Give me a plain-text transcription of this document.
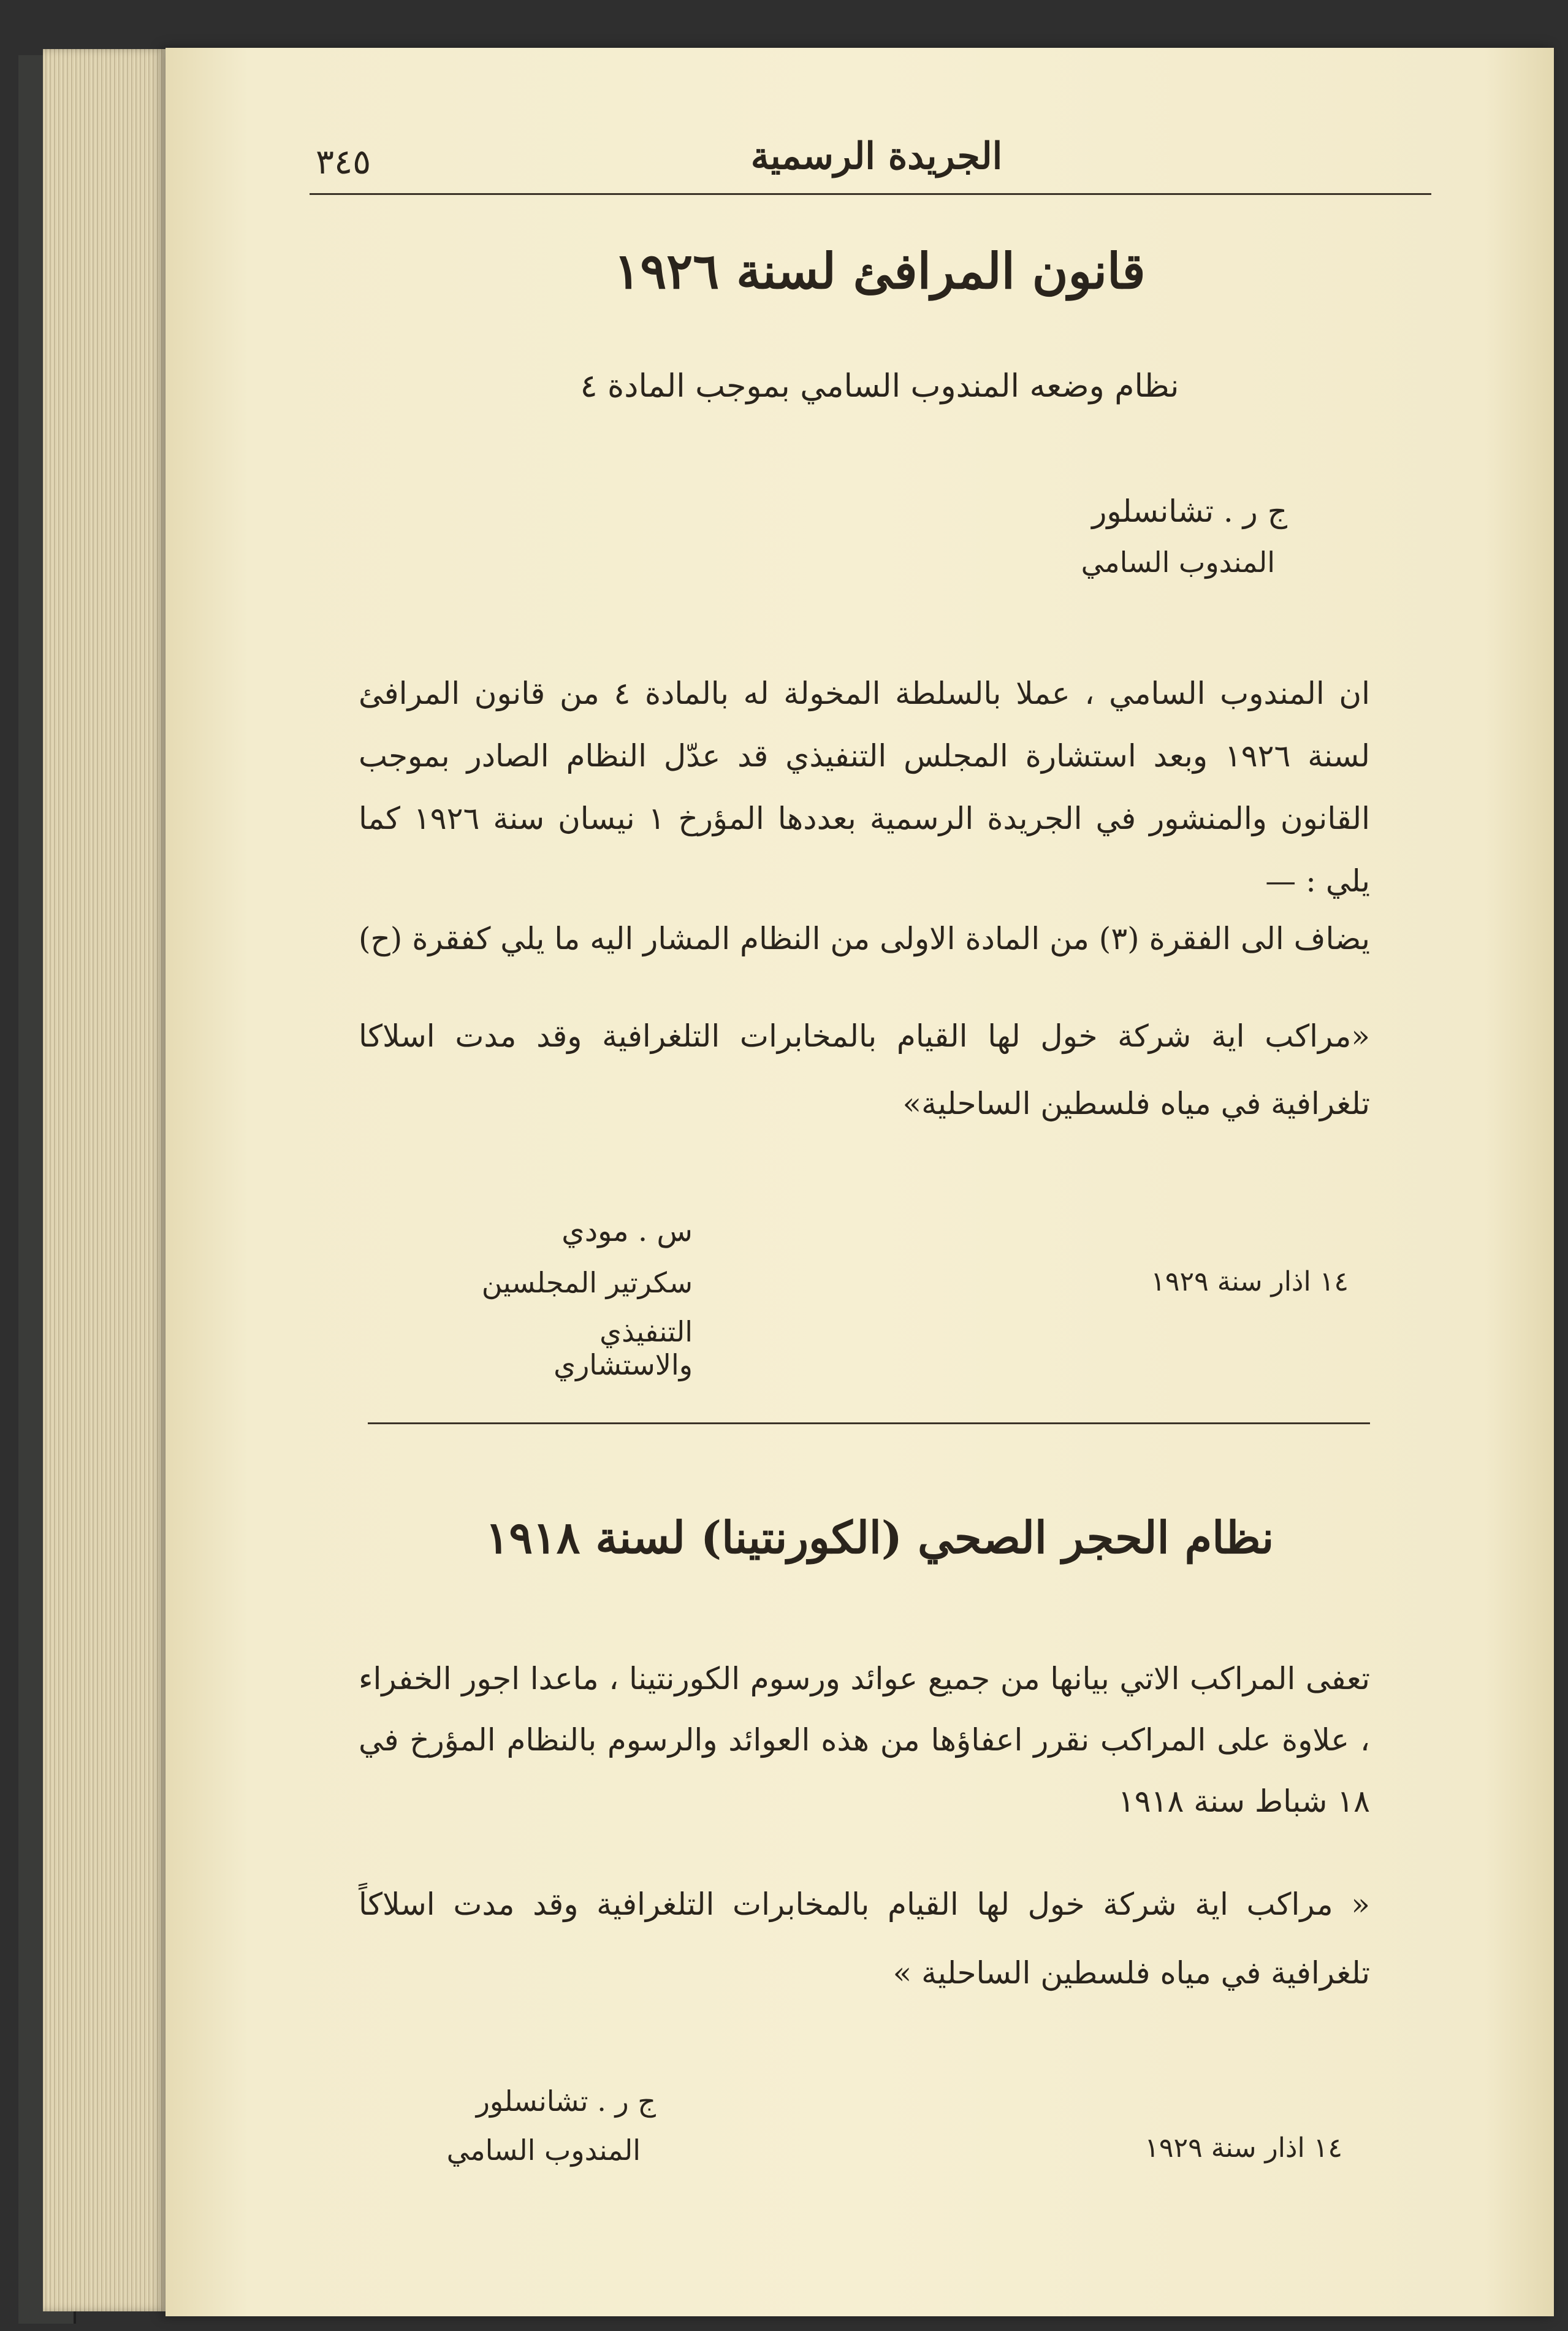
٣٤٥	الجريدة الرسمية
قانون المرافئ لسنة ١٩٢٦
نظام وضعه المندوب السامي بموجب المادة ٤
ج ر . تشانسلور
المندوب السامي
ان المندوب السامي ، عملا بالسلطة المخولة له بالمادة ٤ من قانون المرافئ لسنة ١٩٢٦ وبعد استشارة المجلس التنفيذي قد عدّل النظام الصادر بموجب القانون والمنشور في الجريدة الرسمية بعددها المؤرخ ١ نيسان سنة ١٩٢٦ كما يلي : —
يضاف الى الفقرة (٣) من المادة الاولى من النظام المشار اليه ما يلي كفقرة (ح)
«مراكب اية شركة خول لها القيام بالمخابرات التلغرافية وقد مدت اسلاكا تلغرافية في مياه فلسطين الساحلية»
١٤ اذار سنة ١٩٢٩
س . مودي
سكرتير المجلسين
التنفيذي والاستشاري
نظام الحجر الصحي (الكورنتينا) لسنة ١٩١٨
تعفى المراكب الاتي بيانها من جميع عوائد ورسوم الكورنتينا ، ماعدا اجور الخفراء ، علاوة على المراكب نقرر اعفاؤها من هذه العوائد والرسوم بالنظام المؤرخ في ١٨ شباط سنة ١٩١٨
« مراكب اية شركة خول لها القيام بالمخابرات التلغرافية وقد مدت اسلاكاً تلغرافية في مياه فلسطين الساحلية »
ج ر . تشانسلور
المندوب السامي	١٤ اذار سنة ١٩٢٩
